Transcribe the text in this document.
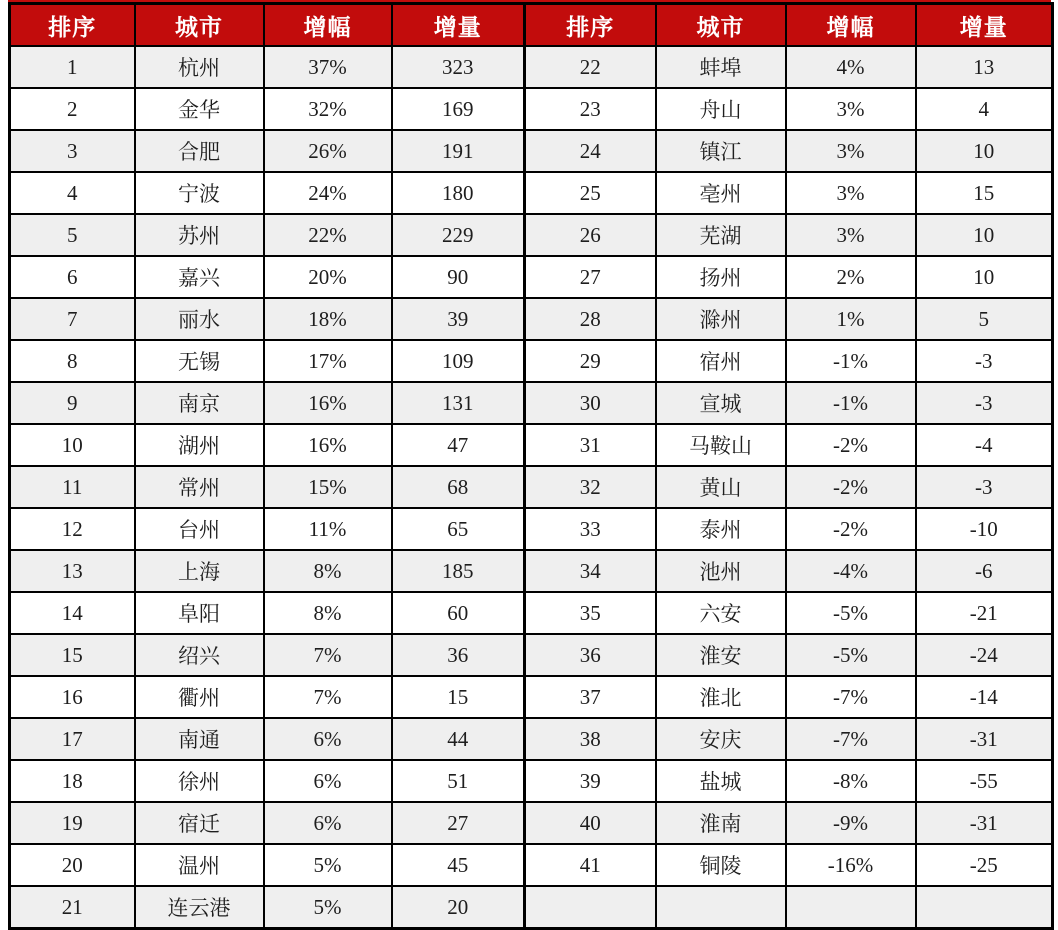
排序	城市	增幅	增量	排序	城市	增幅	增量
1	杭州	37%	323	22	蚌埠	4%	13
2	金华	32%	169	23	舟山	3%	4
3	合肥	26%	191	24	镇江	3%	10
4	宁波	24%	180	25	亳州	3%	15
5	苏州	22%	229	26	芜湖	3%	10
6	嘉兴	20%	90	27	扬州	2%	10
7	丽水	18%	39	28	滁州	1%	5
8	无锡	17%	109	29	宿州	-1%	-3
9	南京	16%	131	30	宣城	-1%	-3
10	湖州	16%	47	31	马鞍山	-2%	-4
11	常州	15%	68	32	黄山	-2%	-3
12	台州	11%	65	33	泰州	-2%	-10
13	上海	8%	185	34	池州	-4%	-6
14	阜阳	8%	60	35	六安	-5%	-21
15	绍兴	7%	36	36	淮安	-5%	-24
16	衢州	7%	15	37	淮北	-7%	-14
17	南通	6%	44	38	安庆	-7%	-31
18	徐州	6%	51	39	盐城	-8%	-55
19	宿迁	6%	27	40	淮南	-9%	-31
20	温州	5%	45	41	铜陵	-16%	-25
21	连云港	5%	20				
